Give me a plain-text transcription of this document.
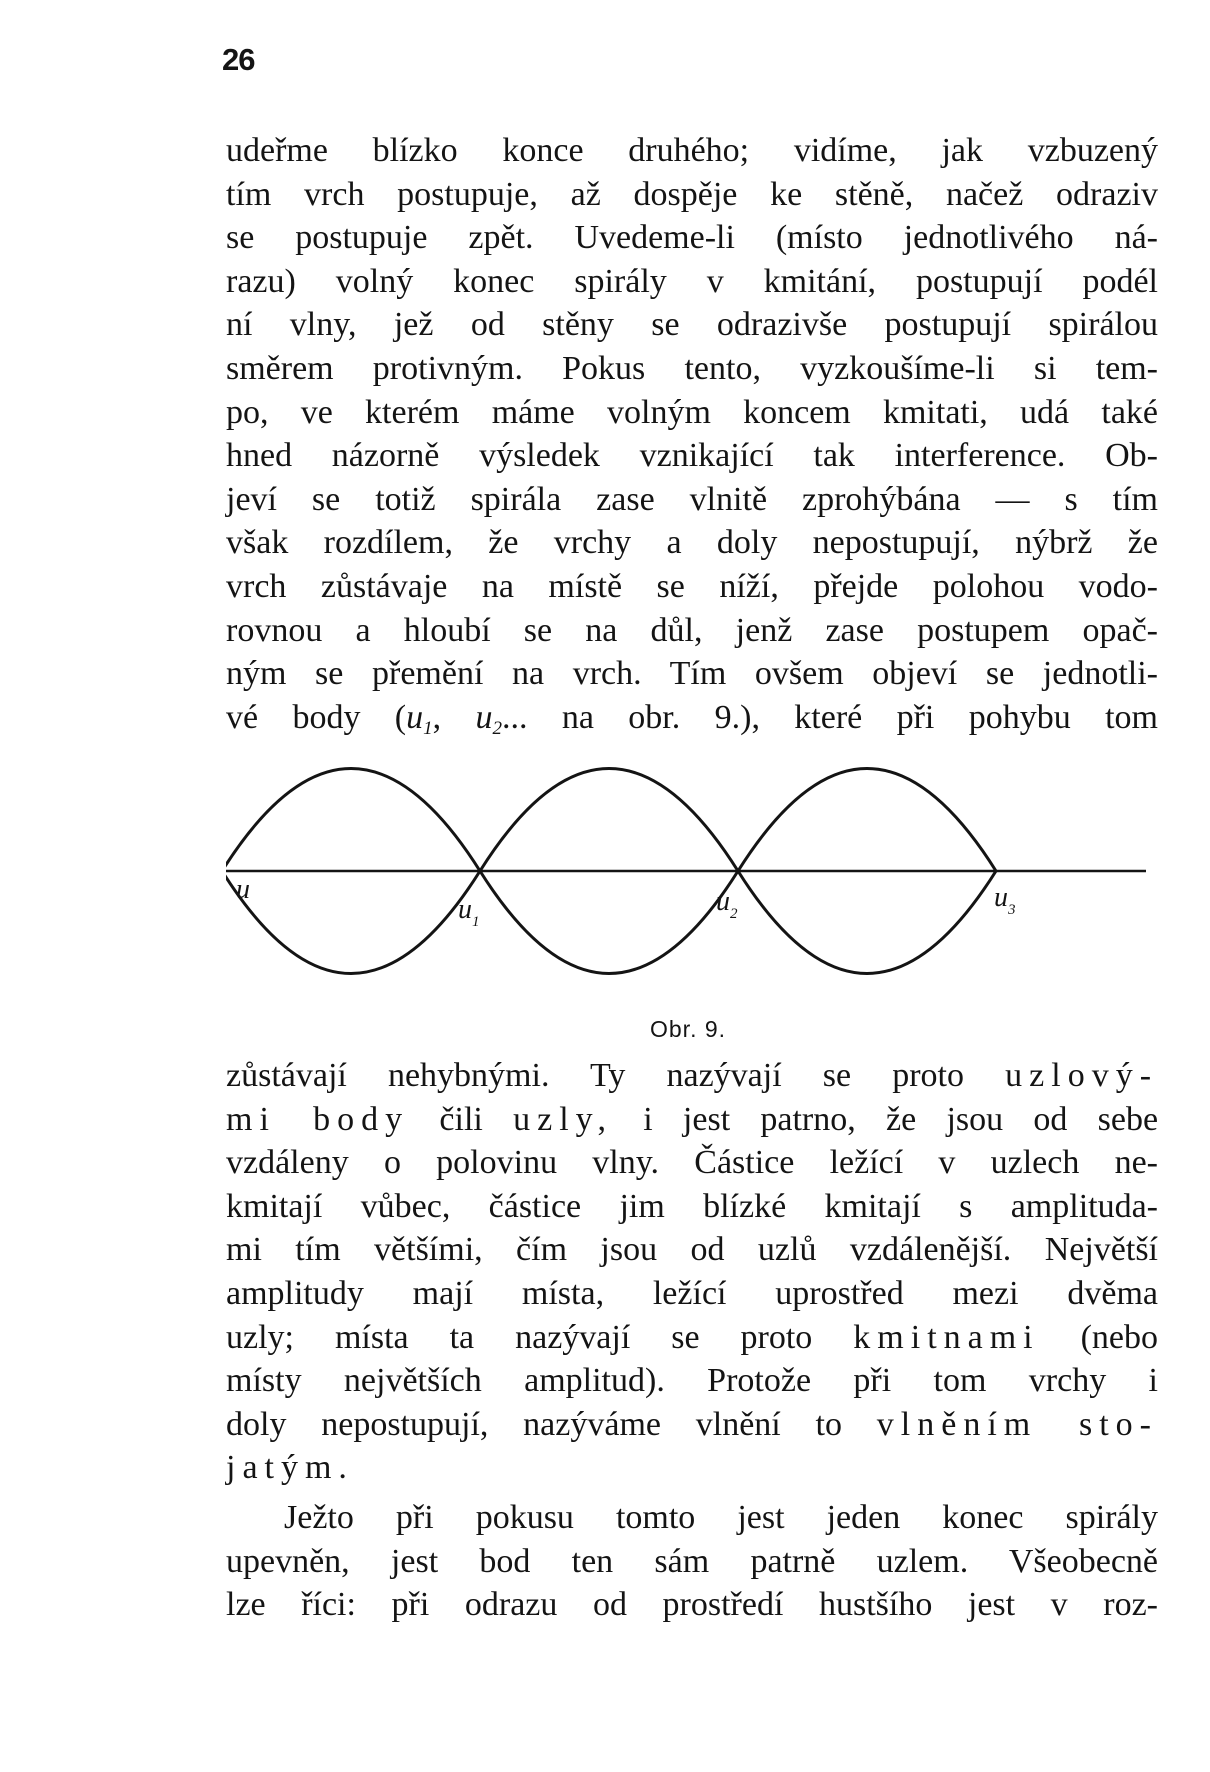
26
udeřme blízko konce druhého; vidíme, jak vzbuzený
tím vrch postupuje, až dospěje ke stěně, načež odraziv
se postupuje zpět. Uvedeme-li (místo jednotlivého ná-
razu) volný konec spirály v kmitání, postupují podél
ní vlny, jež od stěny se odrazivše postupují spirálou
směrem protivným. Pokus tento, vyzkoušíme-li si tem-
po, ve kterém máme volným koncem kmitati, udá také
hned názorně výsledek vznikající tak interference. Ob-
jeví se totiž spirála zase vlnitě zprohýbána — s tím
však rozdílem, že vrchy a doly nepostupují, nýbrž že
vrch zůstávaje na místě se níží, přejde polohou vodo-
rovnou a hloubí se na důl, jenž zase postupem opač-
ným se přemění na vrch. Tím ovšem objeví se jednotli-
vé body ($u_1$, $u_2$... na obr. 9.), které při pohybu tom
u
$u_1$
$u_2$
$u_3$
Obr. 9.
zůstávají nehybnými. Ty nazývají se proto uzlový-
mi body čili uzly, i jest patrno, že jsou od sebe
vzdáleny o polovinu vlny. Částice ležící v uzlech ne-
kmitají vůbec, částice jim blízké kmitají s amplituda-
mi tím většími, čím jsou od uzlů vzdálenější. Největší
amplitudy mají místa, ležící uprostřed mezi dvěma
uzly; místa ta nazývají se proto kmitnami (nebo
místy největších amplitud). Protože při tom vrchy i
doly nepostupují, nazýváme vlnění to vlněním sto-
jatým.
Ježto při pokusu tomto jest jeden konec spirály
upevněn, jest bod ten sám patrně uzlem. Všeobecně
lze říci: při odrazu od prostředí hustšího jest v roz-
